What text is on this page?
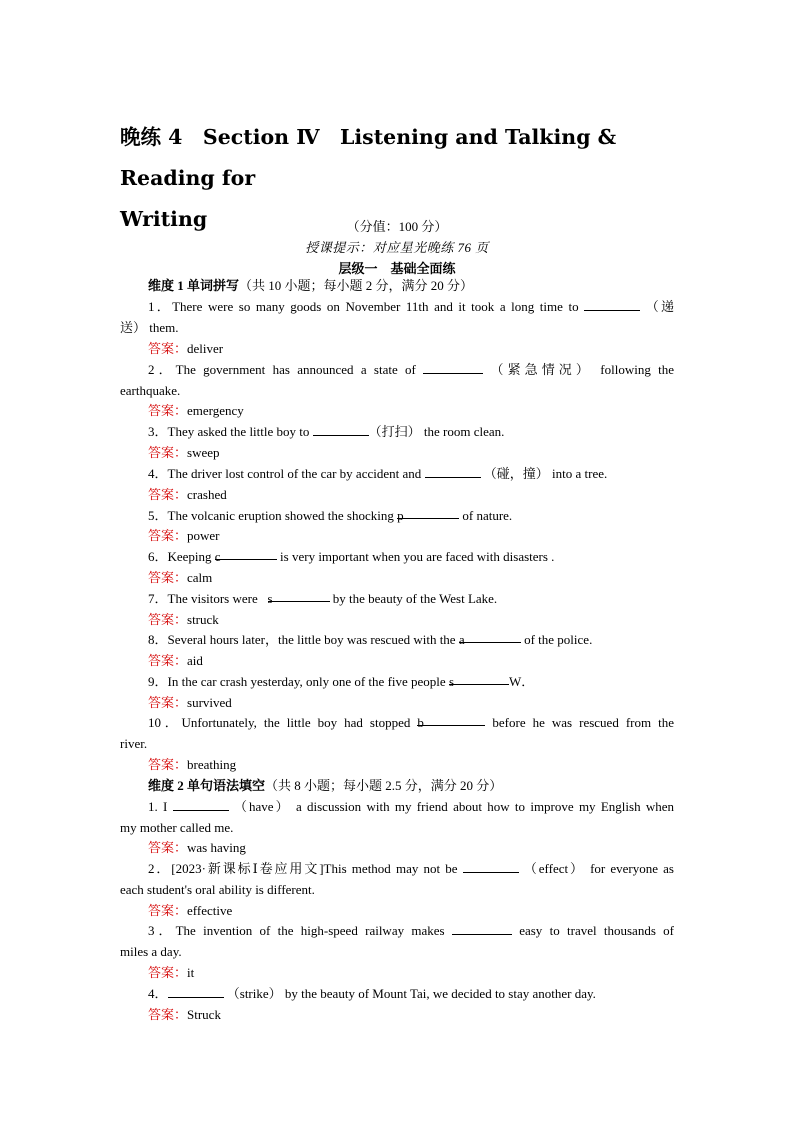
晚练 4　Section Ⅳ　Listening and Talking & Reading for
Writing	（分值：100 分）
授课提示：对应星光晚练 76 页
层级一　基础全面练
维度 1 单词拼写（共 10 小题；每小题 2 分，满分 20 分）
1．There were so many goods on November 11th and it took a long time to	（递
送） them.
答案：deliver
2．The government has announced a state of	（紧急情况） following the
earthquake.
答案：emergency
3．They asked the little boy to	（打扫） the room clean.
答案：sweep
4．The driver lost control of the car by accident and	（碰，撞） into a tree.
答案：crashed
5．The volcanic eruption showed the shocking p	of nature.
答案：power
6．Keeping c	is very important when you are faced with disasters .
答案：calm
7．The visitors were s	by the beauty of the West Lake.
答案：struck
8．Several hours later，the little boy was rescued with the a	of the police.
答案：aid
9．In the car crash yesterday, only one of the five people s	W．
答案：survived
10．Unfortunately, the little boy had stopped b	before he was rescued from the
river.
答案：breathing
维度 2 单句语法填空（共 8 小题；每小题 2.5 分，满分 20 分）
1. I	（have） a discussion with my friend about how to improve my English when
my mother called me.
答案：was having
2．[2023·新课标Ⅰ卷应用文]This method may not be	（effect） for everyone as
each student's oral ability is different.
答案：effective
3．The invention of the high-speed railway makes	easy to travel thousands of
miles a day.
答案：it
4．	（strike） by the beauty of Mount Tai, we decided to stay another day.
答案：Struck
